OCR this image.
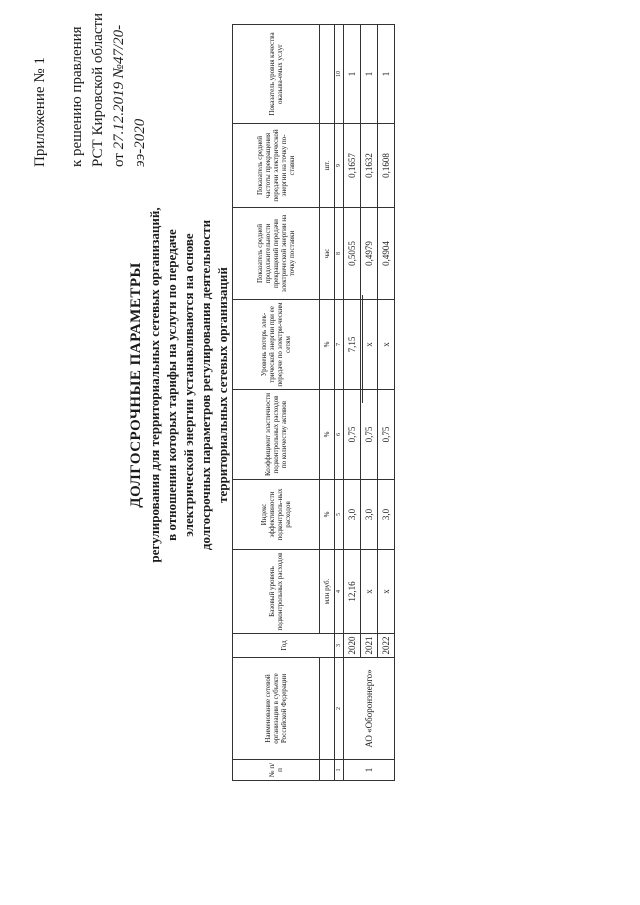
Приложение № 1 к решению правления РСТ Кировской области от 27.12.2019 №47/20-ээ-2020
ДОЛГОСРОЧНЫЕ ПАРАМЕТРЫ регулирования для территориальных сетевых организаций, в отношении которых тарифы на услуги по передаче электрической энергии устанавливаются на основе долгосрочных параметров регулирования деятельности территориальных сетевых организаций
№ п/п	Наименование сетевой организации в субъекте Российской Федерации	Год	Базовый уровень подконтрольных расходов	Индекс эффективности подконтроль-ных расходов	Коэффициент эластичности подконтрольных расходов по количеству активов	Уровень потерь элек-трической энергии при ее передаче по электри-ческим сетям	Показатель средней продолжительности прекращений передачи электрической энергии на точку поставки	Показатель средней частоты прекращения передачи электрической энергии на точку по-ставки	Показатель уровня качества оказыва-емых услуг
			млн руб.	%	%	%	час	шт.	
1	2	3	4	5	6	7	8	9	10
1	АО «Оборонэнерго»	2020	12,16	3,0	0,75	7,15	0,5055	0,1657	1
		2021	х	3,0	0,75	х	0,4979	0,1632	1
		2022	х	3,0	0,75	х	0,4904	0,1608	1
